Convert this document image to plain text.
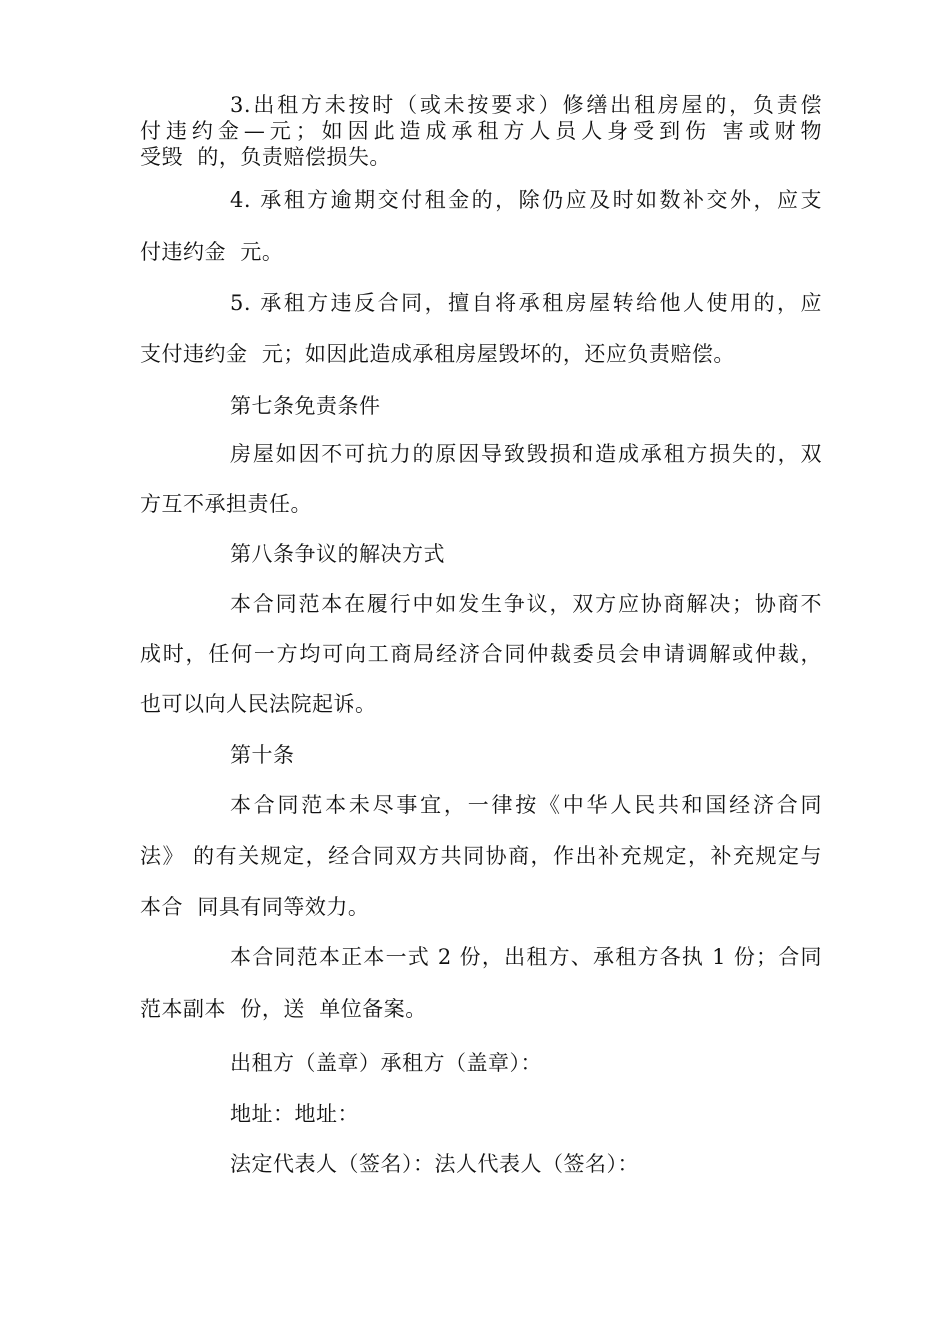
3.出租方未按时（或未按要求）修缮出租房屋的，负责偿
付违约金—元；如因此造成承租方人员人身受到伤 害或财物
受毁  的，负责赔偿损失。
4. 承租方逾期交付租金的，除仍应及时如数补交外，应支
付违约金  元。
5. 承租方违反合同，擅自将承租房屋转给他人使用的，应
支付违约金  元；如因此造成承租房屋毁坏的，还应负责赔偿。
第七条免责条件
房屋如因不可抗力的原因导致毁损和造成承租方损失的，双
方互不承担责任。
第八条争议的解决方式
本合同范本在履行中如发生争议，双方应协商解决；协商不
成时，任何一方均可向工商局经济合同仲裁委员会申请调解或仲裁，
也可以向人民法院起诉。
第十条
本合同范本未尽事宜，一律按《中华人民共和国经济合同
法》 的有关规定，经合同双方共同协商，作出补充规定，补充规定与
本合  同具有同等效力。
本合同范本正本一式 2 份，出租方、承租方各执 1 份；合同
范本副本  份，送  单位备案。
出租方（盖章）承租方（盖章）：
地址：地址：
法定代表人（签名）：法人代表人（签名）：
